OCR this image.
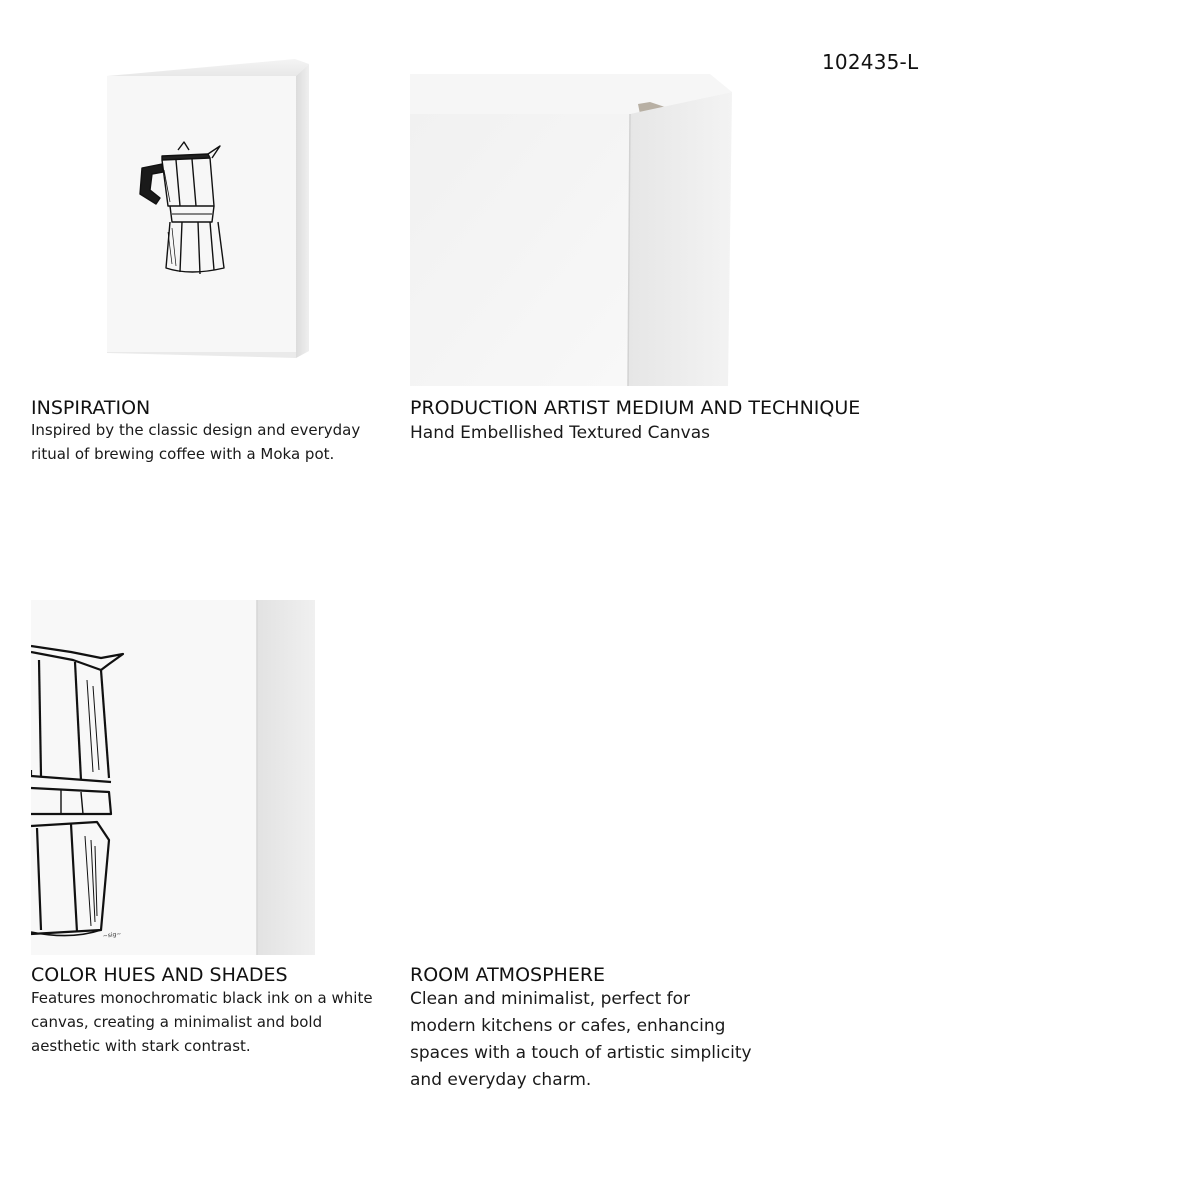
102435-L
~sig~
INSPIRATION
Inspired by the classic design and everyday
ritual of brewing coffee with a Moka pot.
PRODUCTION ARTIST MEDIUM AND TECHNIQUE
Hand Embellished Textured Canvas
COLOR HUES AND SHADES
Features monochromatic black ink on a white
canvas, creating a minimalist and bold
aesthetic with stark contrast.
ROOM ATMOSPHERE
Clean and minimalist, perfect for
modern kitchens or cafes, enhancing
spaces with a touch of artistic simplicity
and everyday charm.
